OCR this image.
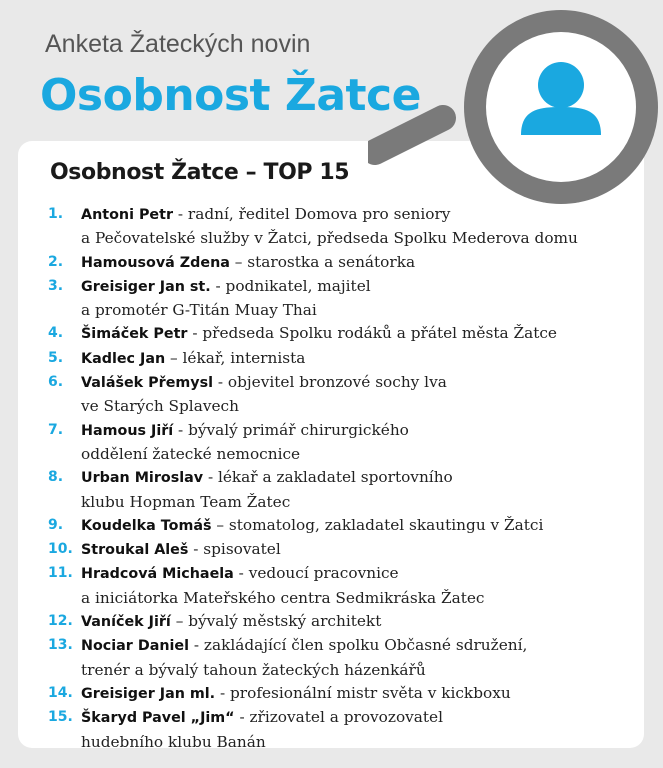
Anketa Žateckých novin
Osobnost Žatce
Osobnost Žatce – TOP 15
1.	Antoni Petr - radní, ředitel Domova pro seniory
a Pečovatelské služby v Žatci, předseda Spolku Mederova domu
2.	Hamousová Zdena – starostka a senátorka
3.	Greisiger Jan st. - podnikatel, majitel
a promotér G-Titán Muay Thai
4.	Šimáček Petr - předseda Spolku rodáků a přátel města Žatce
5.	Kadlec Jan – lékař, internista
6.	Valášek Přemysl - objevitel bronzové sochy lva
ve Starých Splavech
7.	Hamous Jiří - bývalý primář chirurgického
oddělení žatecké nemocnice
8.	Urban Miroslav - lékař a zakladatel sportovního
klubu Hopman Team Žatec
9.	Koudelka Tomáš – stomatolog, zakladatel skautingu v Žatci
10. Stroukal Aleš - spisovatel
11. Hradcová Michaela - vedoucí pracovnice
a iniciátorka Mateřského centra Sedmikráska Žatec
12. Vaníček Jiří – bývalý městský architekt
13. Nociar Daniel - zakládající člen spolku Občasné sdružení,
trenér a bývalý tahoun žateckých házenkářů
14. Greisiger Jan ml. - profesionální mistr světa v kickboxu
15. Škaryd Pavel „Jim“ - zřizovatel a provozovatel
hudebního klubu Banán
